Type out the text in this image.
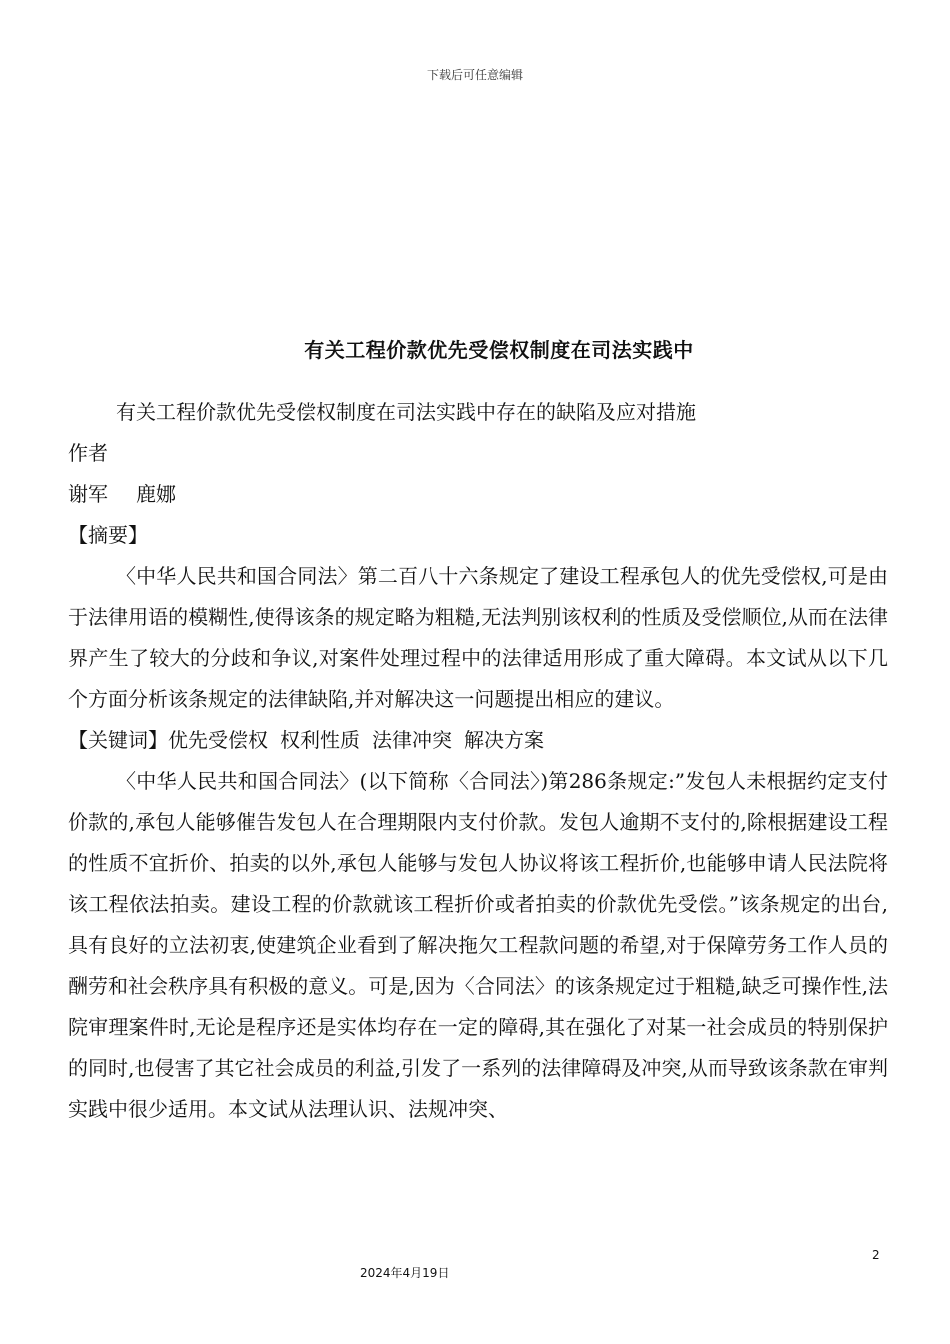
下载后可任意编辑
有关工程价款优先受偿权制度在司法实践中

有关工程价款优先受偿权制度在司法实践中存在的缺陷及应对措施

作者

谢军 鹿娜

【摘要】

〈中华人民共和国合同法〉第二百八十六条规定了建设工程承包人的优先受偿权,可是由于法律用语的模糊性,使得该条的规定略为粗糙,无法判别该权利的性质及受偿顺位,从而在法律界产生了较大的分歧和争议,对案件处理过程中的法律适用形成了重大障碍。本文试从以下几个方面分析该条规定的法律缺陷,并对解决这一问题提出相应的建议。

【关键词】优先受偿权 权利性质 法律冲突 解决方案

〈中华人民共和国合同法〉(以下简称〈合同法〉)第286条规定:”发包人未根据约定支付价款的,承包人能够催告发包人在合理期限内支付价款。发包人逾期不支付的,除根据建设工程的性质不宜折价、拍卖的以外,承包人能够与发包人协议将该工程折价,也能够申请人民法院将该工程依法拍卖。建设工程的价款就该工程折价或者拍卖的价款优先受偿。”该条规定的出台,具有良好的立法初衷,使建筑企业看到了解决拖欠工程款问题的希望,对于保障劳务工作人员的酬劳和社会秩序具有积极的意义。可是,因为〈合同法〉的该条规定过于粗糙,缺乏可操作性,法院审理案件时,无论是程序还是实体均存在一定的障碍,其在强化了对某一社会成员的特别保护的同时,也侵害了其它社会成员的利益,引发了一系列的法律障碍及冲突,从而导致该条款在审判实践中很少适用。本文试从法理认识、法规冲突、

2
2024年4月19日
